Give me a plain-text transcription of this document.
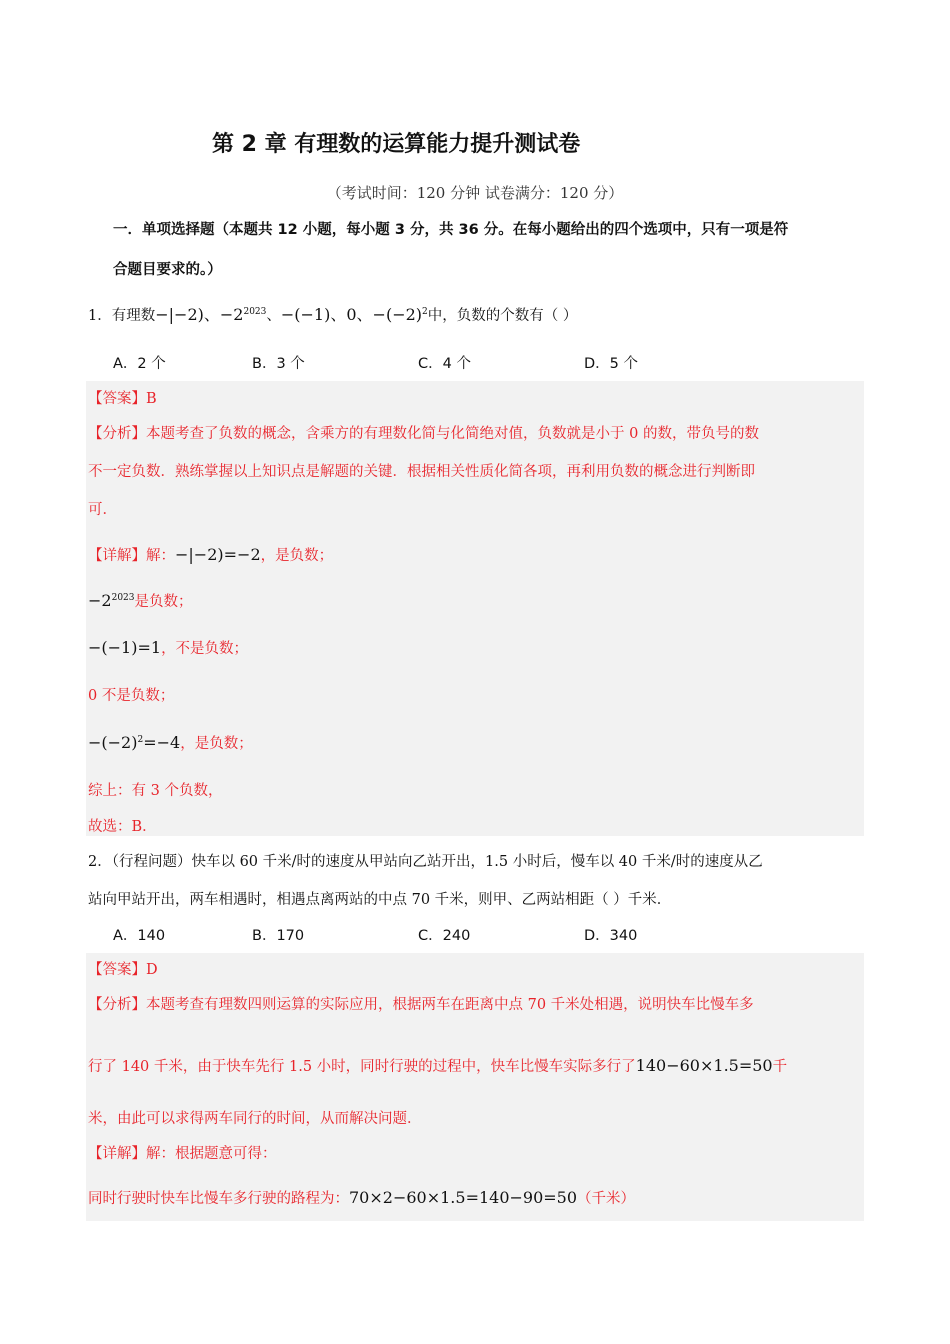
第 2 章 有理数的运算能力提升测试卷
（考试时间：120 分钟 试卷满分：120 分）
一．单项选择题（本题共 12 小题，每小题 3 分，共 36 分。在每小题给出的四个选项中，只有一项是符
合题目要求的。）
1．有理数−|−2)、$-2^{2023}$、−(−1)、0、$-(-2)^2$中，负数的个数有（ ）
A．2 个	B．3 个	C．4 个	D．5 个
【答案】B
【分析】本题考查了负数的概念，含乘方的有理数化简与化简绝对值，负数就是小于 0 的数，带负号的数
不一定负数．熟练掌握以上知识点是解题的关键．根据相关性质化简各项，再利用负数的概念进行判断即
可．
【详解】解：−|−2)=−2，是负数；
$-2^{2023}$是负数；
−(−1)=1，不是负数；
0 不是负数；
$-(-2)^2=-4$，是负数；
综上：有 3 个负数，
故选：B．
2．（行程问题）快车以 60 千米/时的速度从甲站向乙站开出，1.5 小时后，慢车以 40 千米/时的速度从乙
站向甲站开出，两车相遇时，相遇点离两站的中点 70 千米，则甲、乙两站相距（ ）千米．
A．140	B．170	C．240	D．340
【答案】D
【分析】本题考查有理数四则运算的实际应用，根据两车在距离中点 70 千米处相遇，说明快车比慢车多
行了 140 千米，由于快车先行 1.5 小时，同时行驶的过程中，快车比慢车实际多行了140−60×1.5=50千
米，由此可以求得两车同行的时间，从而解决问题．
【详解】解：根据题意可得：
同时行驶时快车比慢车多行驶的路程为：70×2−60×1.5=140−90=50（千米）
